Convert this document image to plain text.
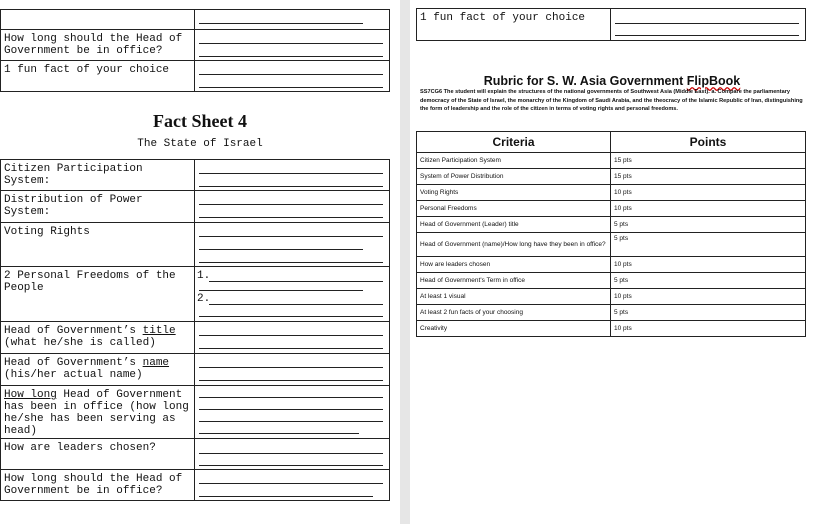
How long should the Head of Government be in office?	

1 fun fact of your choice	
Fact Sheet 4
The State of Israel
Citizen Participation System:	

Distribution of Power System:	

Voting Rights	

2 Personal Freedoms of the People	1.
2.

Head of Government’s title
(what he/she is called)	

Head of Government’s name
(his/her actual name)	

How long Head of Government has been in office (how long he/she has been serving as head)	

How are leaders chosen?	

How long should the Head of Government be in office?	
1 fun fact of your choice	
Rubric for S. W. Asia Government FlipBook
SS7CG6 The student will explain the structures of the national governments of Southwest Asia (Middle East). a. Compare the parliamentary democracy of the State of Israel, the monarchy of the Kingdom of Saudi Arabia, and the theocracy of the Islamic Republic of Iran, distinguishing the form of leadership and the role of the citizen in terms of voting rights and personal freedoms.
Criteria	Points
Citizen Participation System	15 pts
System of Power Distribution	15 pts
Voting Rights	10 pts
Personal Freedoms	10 pts
Head of Government (Leader) title	5 pts
Head of Government (name)/How long have they been in office?	5 pts
How are leaders chosen	10 pts
Head of Government's Term in office	5 pts
At least 1 visual	10 pts
At least 2 fun facts of your choosing	5 pts
Creativity	10 pts
